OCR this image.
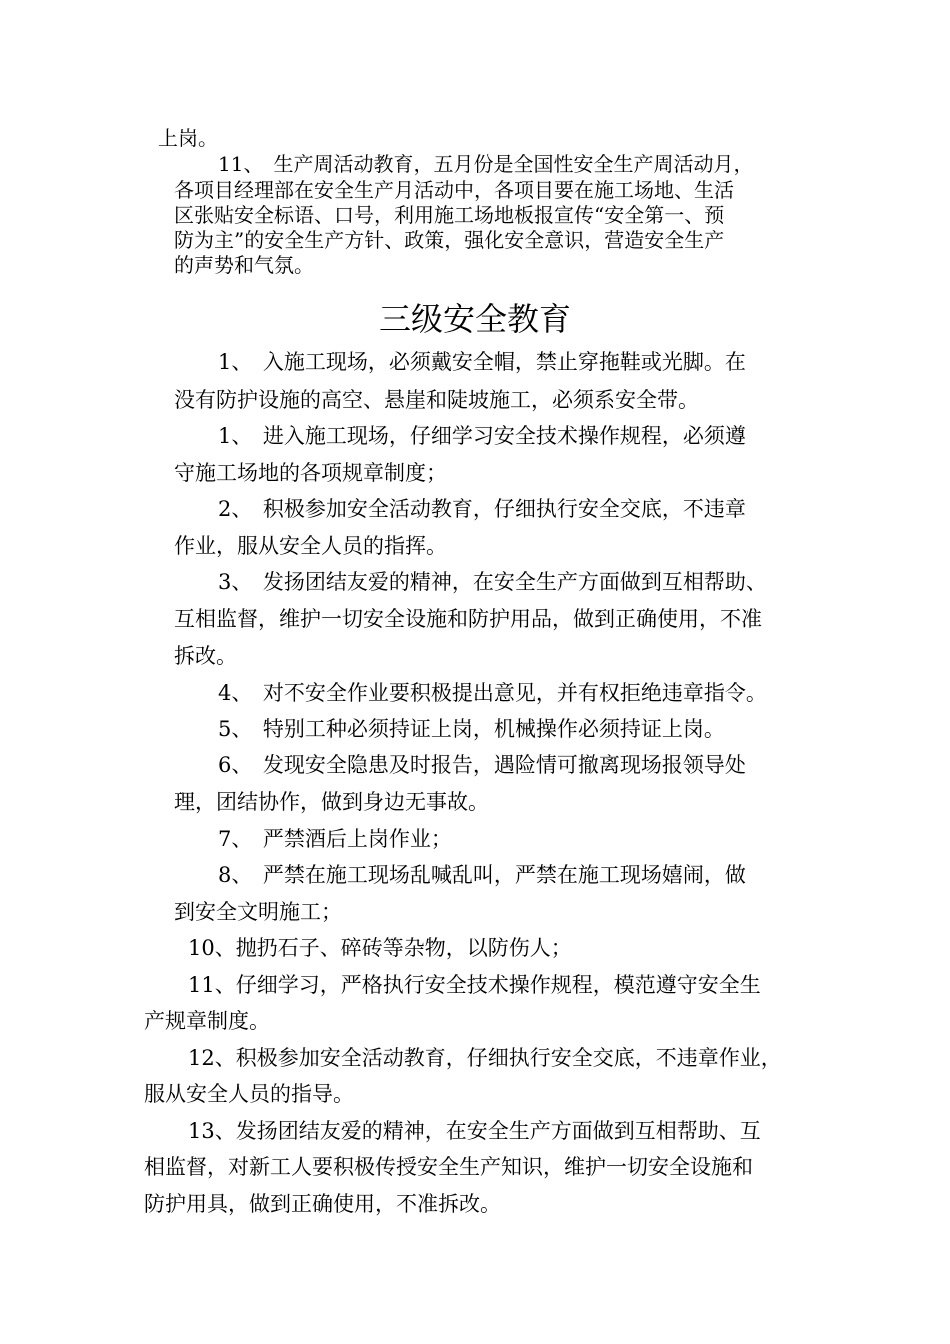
上岗。
11、　生产周活动教育，五月份是全国性安全生产周活动月，
各项目经理部在安全生产月活动中，各项目要在施工场地、生活
区张贴安全标语、口号，利用施工场地板报宣传“安全第一、预
防为主”的安全生产方针、政策，强化安全意识，营造安全生产
的声势和气氛。
三级安全教育
1、　入施工现场，必须戴安全帽，禁止穿拖鞋或光脚。在
没有防护设施的高空、悬崖和陡坡施工，必须系安全带。
1、　进入施工现场，仔细学习安全技术操作规程，必须遵
守施工场地的各项规章制度；
2、　积极参加安全活动教育，仔细执行安全交底，不违章
作业，服从安全人员的指挥。
3、　发扬团结友爱的精神，在安全生产方面做到互相帮助、
互相监督，维护一切安全设施和防护用品，做到正确使用，不准
拆改。
4、　对不安全作业要积极提出意见，并有权拒绝违章指令。
5、　特别工种必须持证上岗，机械操作必须持证上岗。
6、　发现安全隐患及时报告，遇险情可撤离现场报领导处
理，团结协作，做到身边无事故。
7、　严禁酒后上岗作业；
8、　严禁在施工现场乱喊乱叫，严禁在施工现场嬉闹，做
到安全文明施工；
10、抛扔石子、碎砖等杂物，以防伤人；
11、仔细学习，严格执行安全技术操作规程，模范遵守安全生
产规章制度。
12、积极参加安全活动教育，仔细执行安全交底，不违章作业，
服从安全人员的指导。
13、发扬团结友爱的精神，在安全生产方面做到互相帮助、互
相监督，对新工人要积极传授安全生产知识，维护一切安全设施和
防护用具，做到正确使用，不准拆改。
